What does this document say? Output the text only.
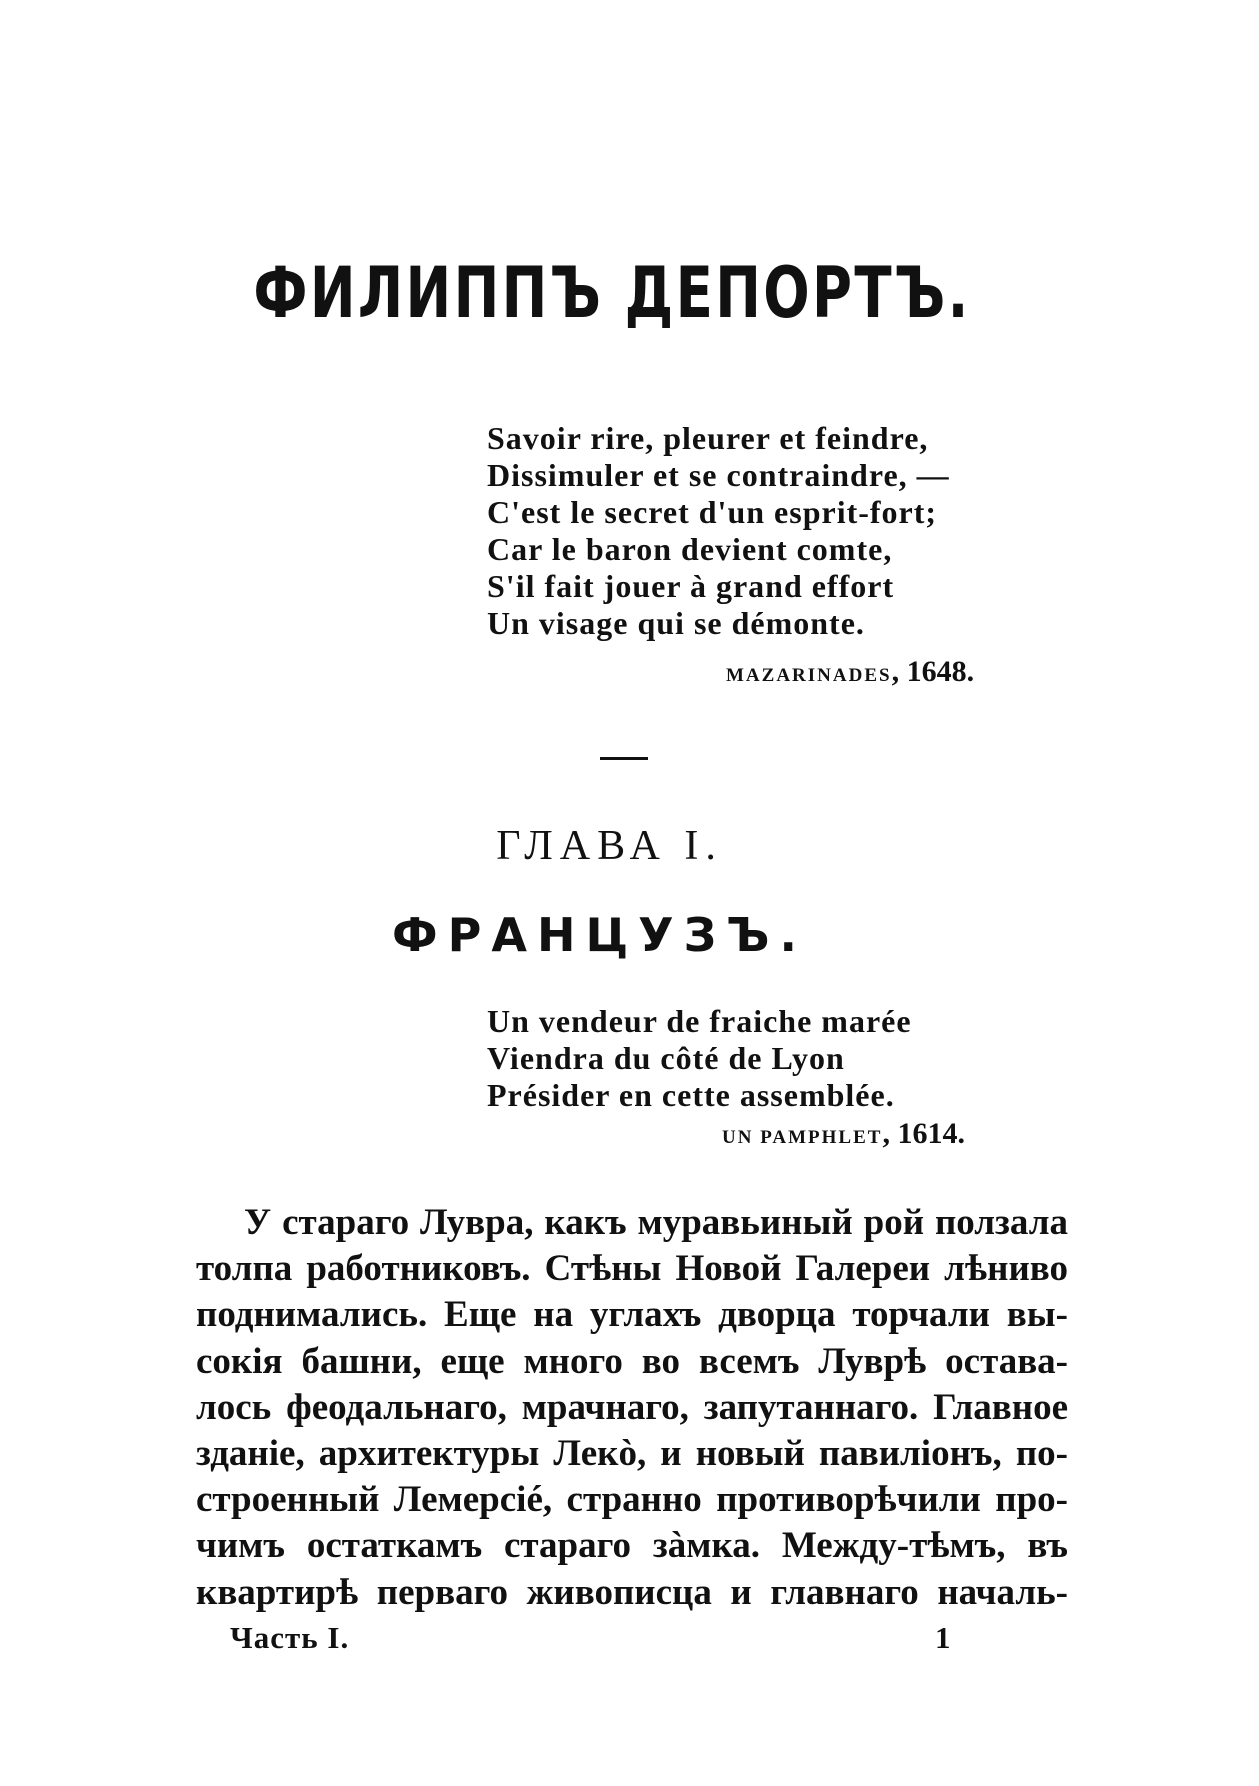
ФИЛИППЪ ДЕПОРТЪ.
Savoir rire, pleurer et feindre,
Dissimuler et se contraindre, —
C'est le secret d'un esprit-fort;
Car le baron devient comte,
S'il fait jouer à grand effort
Un visage qui se démonte.
MAZARINADES, 1648.
ГЛАВА I.
ФРАНЦУЗЪ.
Un vendeur de fraiche marée
Viendra du côté de Lyon
Présider en cette assemblée.
UN PAMPHLET, 1614.
У стараго Лувра, какъ муравьиный рой ползала
толпа работниковъ. Стѣны Новой Галереи лѣниво
поднимались. Еще на углахъ дворца торчали вы-
сокія башни, еще много во всемъ Луврѣ остава-
лось феодальнаго, мрачнаго, запутаннаго. Главное
зданіе, архитектуры Лекò, и новый павиліонъ, по-
строенный Лемерсіé, странно противорѣчили про-
чимъ остаткамъ стараго зàмка. Между-тѣмъ, въ
квартирѣ перваго живописца и главнаго началь-
Часть I.	1
